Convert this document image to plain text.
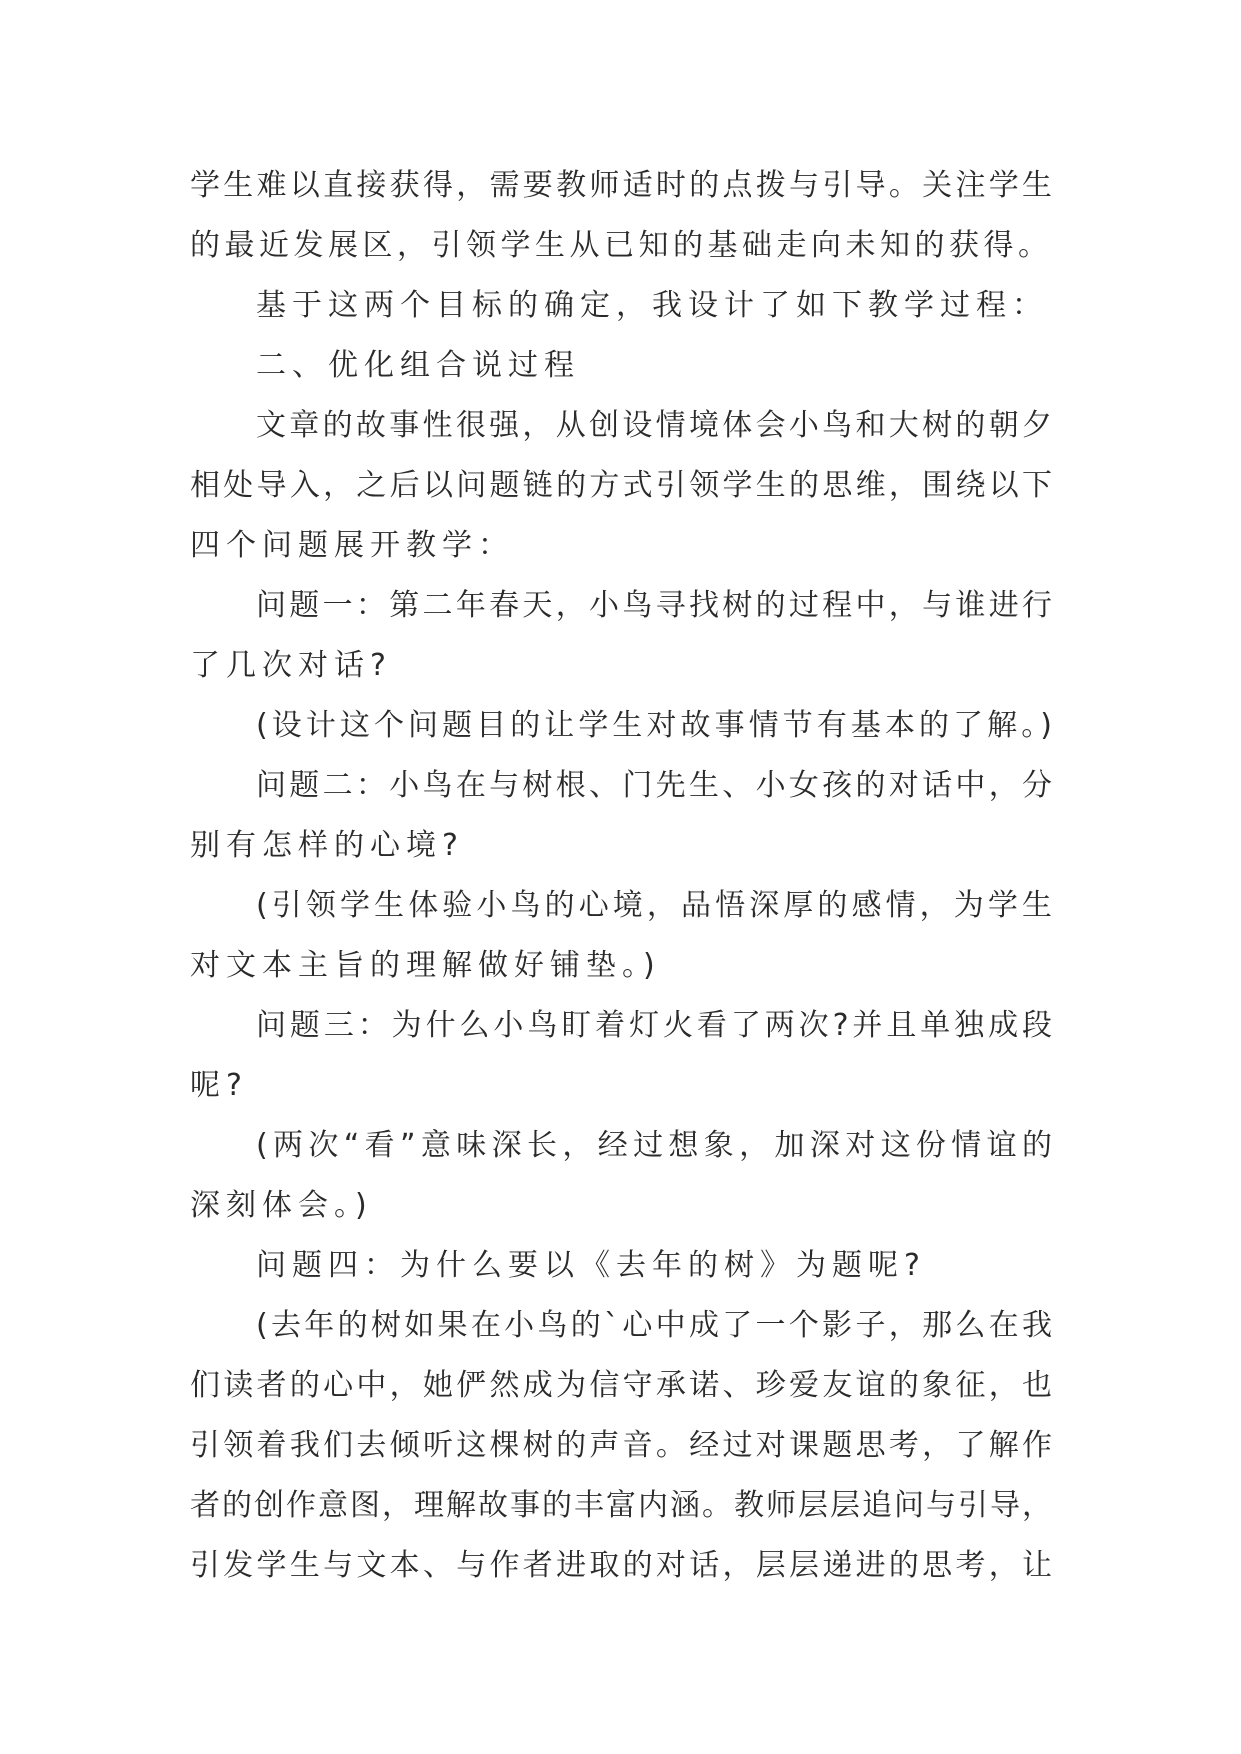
学生难以直接获得，需要教师适时的点拨与引导。关注学生
的最近发展区，引领学生从已知的基础走向未知的获得。
基于这两个目标的确定，我设计了如下教学过程：
二、优化组合说过程
文章的故事性很强，从创设情境体会小鸟和大树的朝夕
相处导入，之后以问题链的方式引领学生的思维，围绕以下
四个问题展开教学：
问题一：第二年春天，小鸟寻找树的过程中，与谁进行
了几次对话?
(设计这个问题目的让学生对故事情节有基本的了解。)
问题二：小鸟在与树根、门先生、小女孩的对话中，分
别有怎样的心境?
(引领学生体验小鸟的心境，品悟深厚的感情，为学生
对文本主旨的理解做好铺垫。)
问题三：为什么小鸟盯着灯火看了两次?并且单独成段
呢?
(两次“看”意味深长，经过想象，加深对这份情谊的
深刻体会。)
问题四：为什么要以《去年的树》为题呢?
(去年的树如果在小鸟的`心中成了一个影子，那么在我
们读者的心中，她俨然成为信守承诺、珍爱友谊的象征，也
引领着我们去倾听这棵树的声音。经过对课题思考，了解作
者的创作意图，理解故事的丰富内涵。教师层层追问与引导，
引发学生与文本、与作者进取的对话，层层递进的思考，让
